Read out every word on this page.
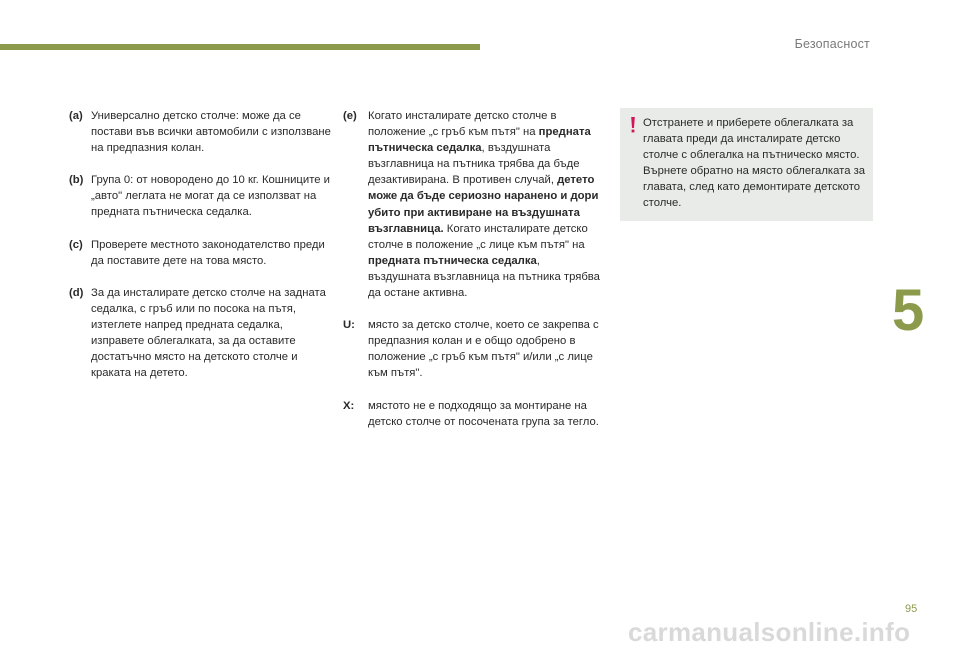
Безопасност
5
(a) Универсално детско столче: може да се постави във всички автомобили с използване на предпазния колан.
(b) Група 0: от новородено до 10 кг. Кошниците и „авто" леглата не могат да се използват на предната пътническа седалка.
(c) Проверете местното законодателство преди да поставите дете на това място.
(d) За да инсталирате детско столче на задната седалка, с гръб или по посока на пътя, изтеглете напред предната седалка, изправете облегалката, за да оставите достатъчно място на детското столче и краката на детето.
(e) Когато инсталирате детско столче в положение „с гръб към пътя" на предната пътническа седалка, въздушната възглавница на пътника трябва да бъде дезактивирана. В противен случай, детето може да бъде сериозно наранено и дори убито при активиране на въздушната възглавница. Когато инсталирате детско столче в положение „с лице към пътя" на предната пътническа седалка, въздушната възглавница на пътника трябва да остане активна.
U:	място за детско столче, което се закрепва с предпазния колан и е общо одобрено в положение „с гръб към пътя" и/или „с лице към пътя".
X:	мястото не е подходящо за монтиране на детско столче от посочената група за тегло.
Отстранете и приберете облегалката за главата преди да инсталирате детско столче с облегалка на пътническо място. Върнете обратно на място облегалката за главата, след като демонтирате детското столче.
95
carmanualsonline.info
